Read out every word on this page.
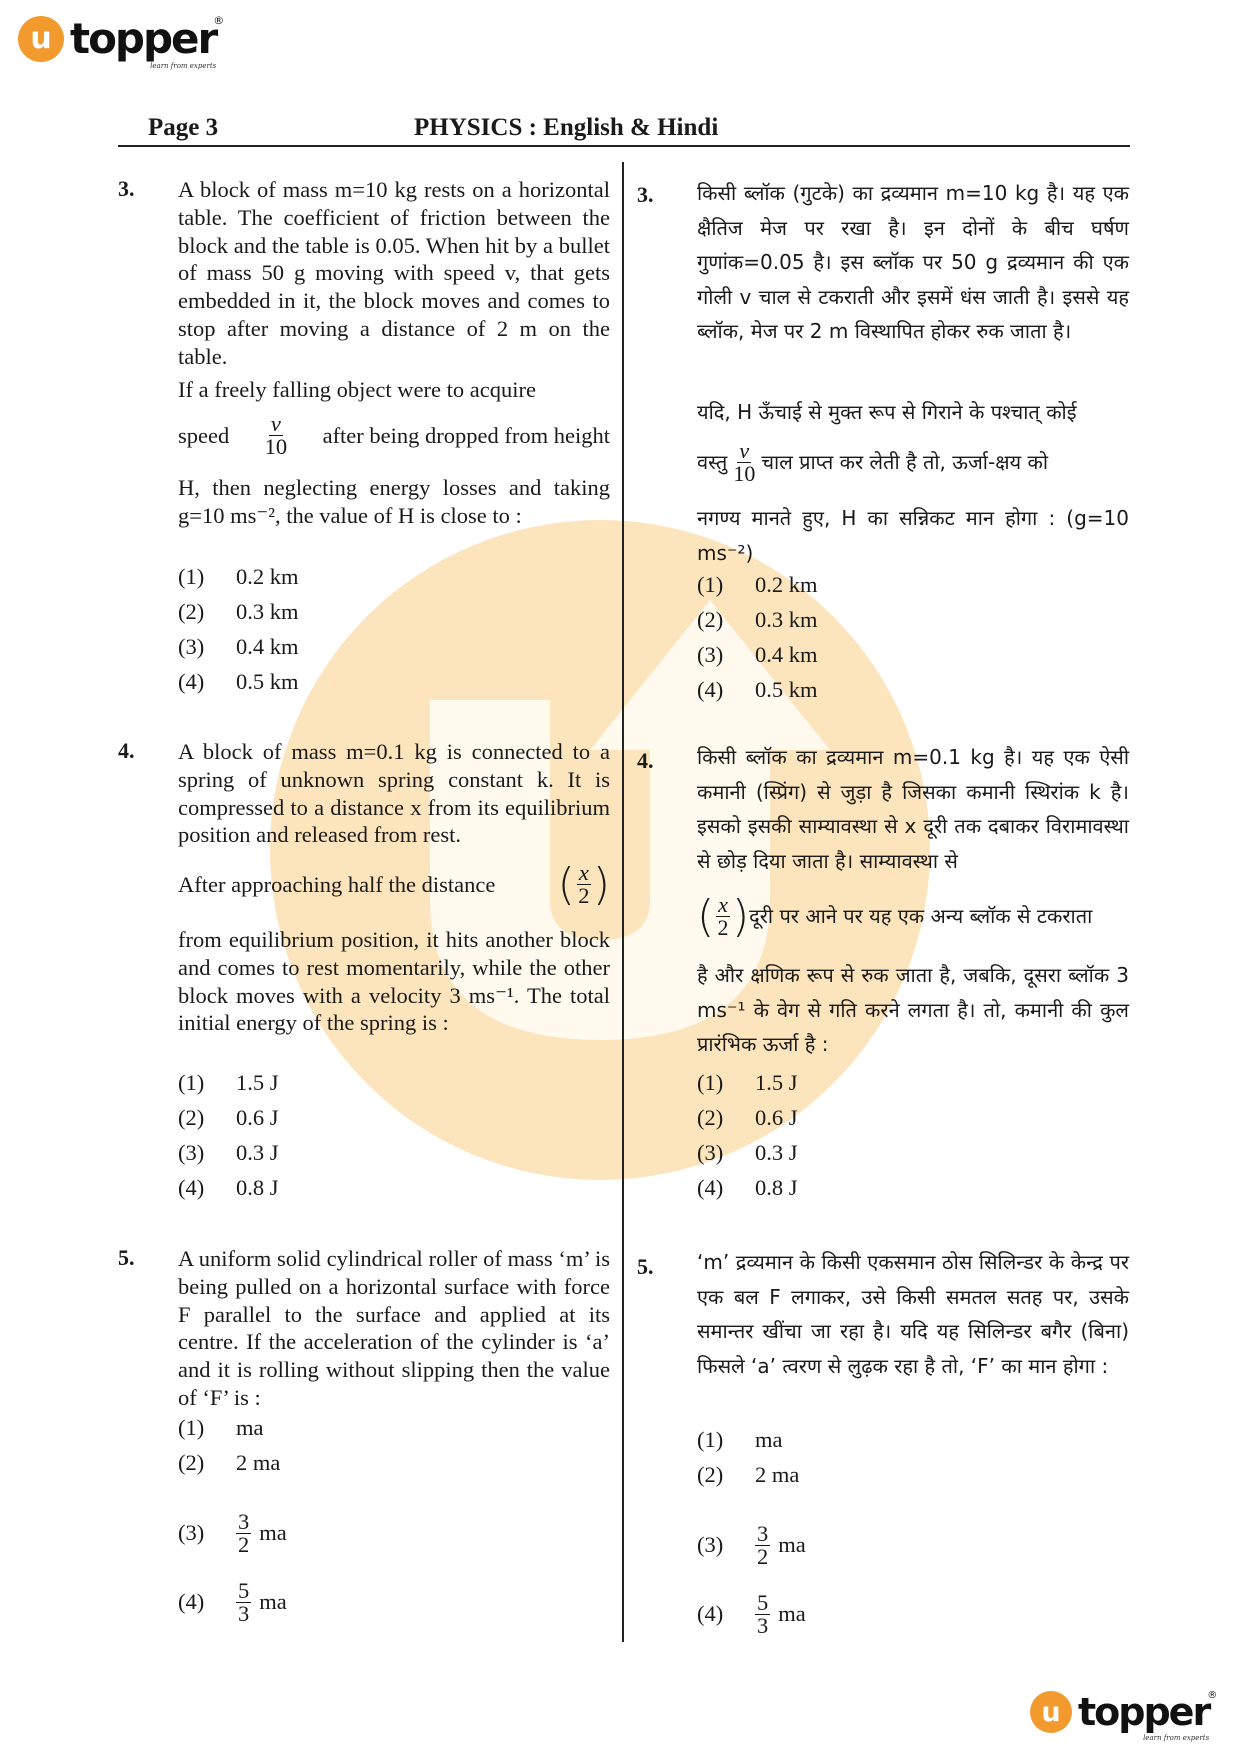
u topper
®
learn from experts
Page 3	PHYSICS : English & Hindi
3. A block of mass m=10 kg rests on a horizontal table. The coefficient of friction between the block and the table is 0.05. When hit by a bullet of mass 50 g moving with speed v, that gets embedded in it, the block moves and comes to stop after moving a distance of 2 m on the table.
If a freely falling object were to acquire
speed $\frac{v}{10}$ after being dropped from height
H, then neglecting energy losses and taking g=10 ms⁻², the value of H is close to :
(1)	0.2 km
(2)	0.3 km
(3)	0.4 km
(4)	0.5 km
3. किसी ब्लॉक (गुटके) का द्रव्यमान m=10 kg है। यह एक क्षैतिज मेज पर रखा है। इन दोनों के बीच घर्षण गुणांक=0.05 है। इस ब्लॉक पर 50 g द्रव्यमान की एक गोली v चाल से टकराती और इसमें धंस जाती है। इससे यह ब्लॉक, मेज पर 2 m विस्थापित होकर रुक जाता है।
यदि, H ऊँचाई से मुक्त रूप से गिराने के पश्चात् कोई
वस्तु $\frac{v}{10}$ चाल प्राप्त कर लेती है तो, ऊर्जा-क्षय को
नगण्य मानते हुए, H का सन्निकट मान होगा : (g=10 ms⁻²)
(1)	0.2 km
(2)	0.3 km
(3)	0.4 km
(4)	0.5 km
4. A block of mass m=0.1 kg is connected to a spring of unknown spring constant k. It is compressed to a distance x from its equilibrium position and released from rest.
After approaching half the distance ( $\frac{x}{2}$ )
from equilibrium position, it hits another block and comes to rest momentarily, while the other block moves with a velocity 3 ms⁻¹. The total initial energy of the spring is :
(1)	1.5 J
(2)	0.6 J
(3)	0.3 J
(4)	0.8 J
4. किसी ब्लॉक का द्रव्यमान m=0.1 kg है। यह एक ऐसी कमानी (स्प्रिंग) से जुड़ा है जिसका कमानी स्थिरांक k है। इसको इसकी साम्यावस्था से x दूरी तक दबाकर विरामावस्था से छोड़ दिया जाता है। साम्यावस्था से
( $\frac{x}{2}$ ) दूरी पर आने पर यह एक अन्य ब्लॉक से टकराता
है और क्षणिक रूप से रुक जाता है, जबकि, दूसरा ब्लॉक 3 ms⁻¹ के वेग से गति करने लगता है। तो, कमानी की कुल प्रारंभिक ऊर्जा है :
(1)	1.5 J
(2)	0.6 J
(3)	0.3 J
(4)	0.8 J
5. A uniform solid cylindrical roller of mass ‘m’ is being pulled on a horizontal surface with force F parallel to the surface and applied at its centre. If the acceleration of the cylinder is ‘a’ and it is rolling without slipping then the value of ‘F’ is :
(1)	ma
(2)	2 ma
(3)	$\frac{3}{2}$ ma
(4)	$\frac{5}{3}$ ma
5. ‘m’ द्रव्यमान के किसी एकसमान ठोस सिलिन्डर के केन्द्र पर एक बल F लगाकर, उसे किसी समतल सतह पर, उसके समान्तर खींचा जा रहा है। यदि यह सिलिन्डर बगैर (बिना) फिसले ‘a’ त्वरण से लुढ़क रहा है तो, ‘F’ का मान होगा :
(1)	ma
(2)	2 ma
(3)	$\frac{3}{2}$ ma
(4)	$\frac{5}{3}$ ma
u topper
®
learn from experts
